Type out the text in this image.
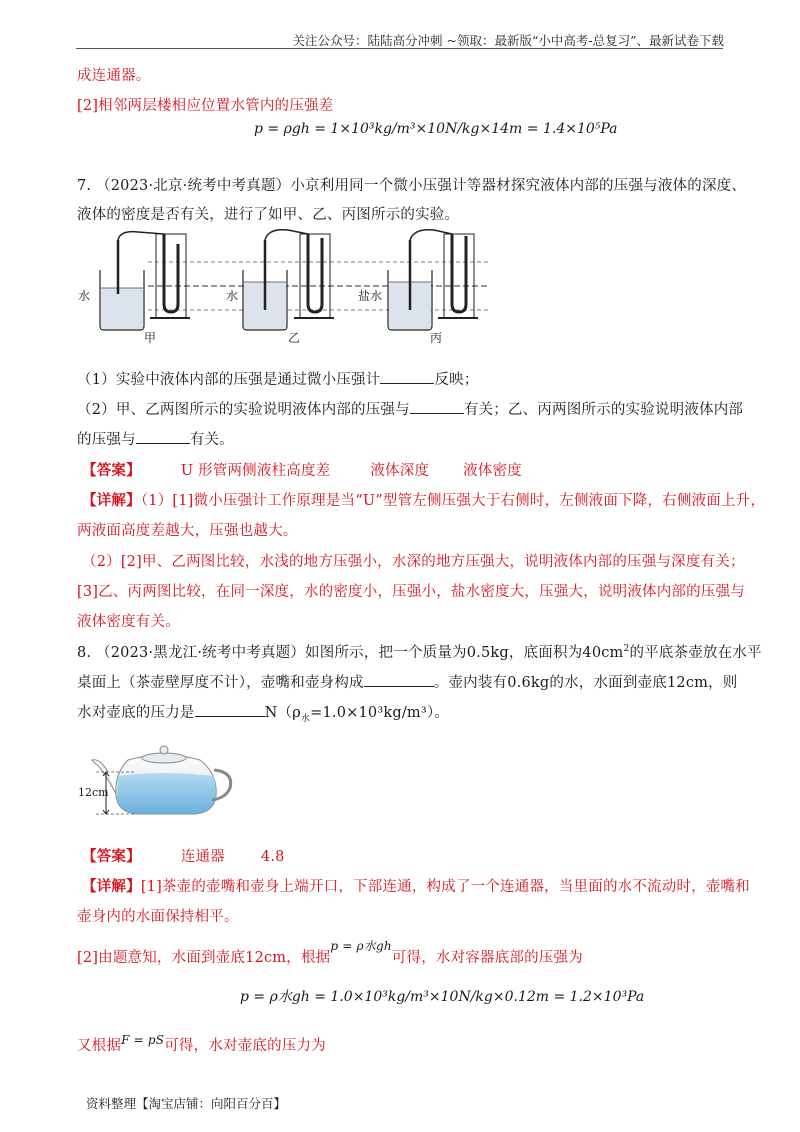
关注公众号：陆陆高分冲刺 ~领取：最新版“小中高考-总复习”、最新试卷下载
成连通器。
[2]相邻两层楼相应位置水管内的压强差
p = ρgh = 1×10³kg/m³×10N/kg×14m = 1.4×10⁵Pa
7. （2023·北京·统考中考真题）小京利用同一个微小压强计等器材探究液体内部的压强与液体的深度、
液体的密度是否有关，进行了如甲、乙、丙图所示的实验。
水	水	盐水
甲	乙	丙
（1）实验中液体内部的压强是通过微小压强计	反映；
（2）甲、乙两图所示的实验说明液体内部的压强与	有关；乙、丙两图所示的实验说明液体内部
的压强与	有关。
【答案】	U 形管两侧液柱高度差	液体深度 液体密度
【详解】（1）[1]微小压强计工作原理是当“U”型管左侧压强大于右侧时，左侧液面下降，右侧液面上升，
两液面高度差越大，压强也越大。
（2）[2]甲、乙两图比较，水浅的地方压强小，水深的地方压强大，说明液体内部的压强与深度有关；
[3]乙、丙两图比较，在同一深度，水的密度小，压强小，盐水密度大，压强大，说明液体内部的压强与
液体密度有关。
8. （2023·黑龙江·统考中考真题）如图所示，把一个质量为0.5kg，底面积为$40cm^2$的平底茶壶放在水平
桌面上（茶壶壁厚度不计），壶嘴和壶身构成	。壶内装有0.6kg的水，水面到壶底12cm，则
水对壶底的压力是	$N(\rho_水=1.0\times 10^3kg/m^3)$。
12cm
【答案】	连通器 4.8
【详解】[1]茶壶的壶嘴和壶身上端开口，下部连通，构成了一个连通器，当里面的水不流动时，壶嘴和
壶身内的水面保持相平。
[2]由题意知，水面到壶底12cm，根据$^{p = \rho 水gh}$可得，水对容器底部的压强为
p = ρ水gh = 1.0×10³kg/m³×10N/kg×0.12m = 1.2×10³Pa
又根据$^{F = pS}$可得，水对壶底的压力为
资料整理【淘宝店铺：向阳百分百】
